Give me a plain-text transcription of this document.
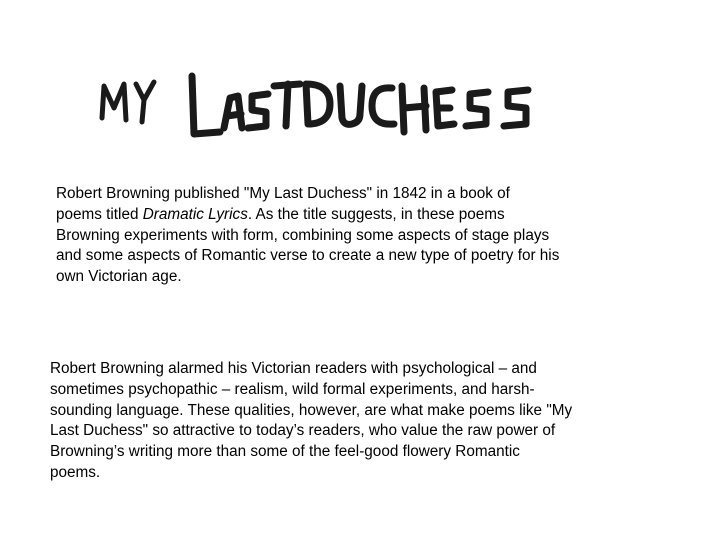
Robert Browning published "My Last Duchess" in 1842 in a book of
poems titled Dramatic Lyrics. As the title suggests, in these poems
Browning experiments with form, combining some aspects of stage plays
and some aspects of Romantic verse to create a new type of poetry for his
own Victorian age.

Robert Browning alarmed his Victorian readers with psychological – and
sometimes psychopathic – realism, wild formal experiments, and harsh-
sounding language. These qualities, however, are what make poems like "My
Last Duchess" so attractive to today’s readers, who value the raw power of
Browning’s writing more than some of the feel-good flowery Romantic
poems.
